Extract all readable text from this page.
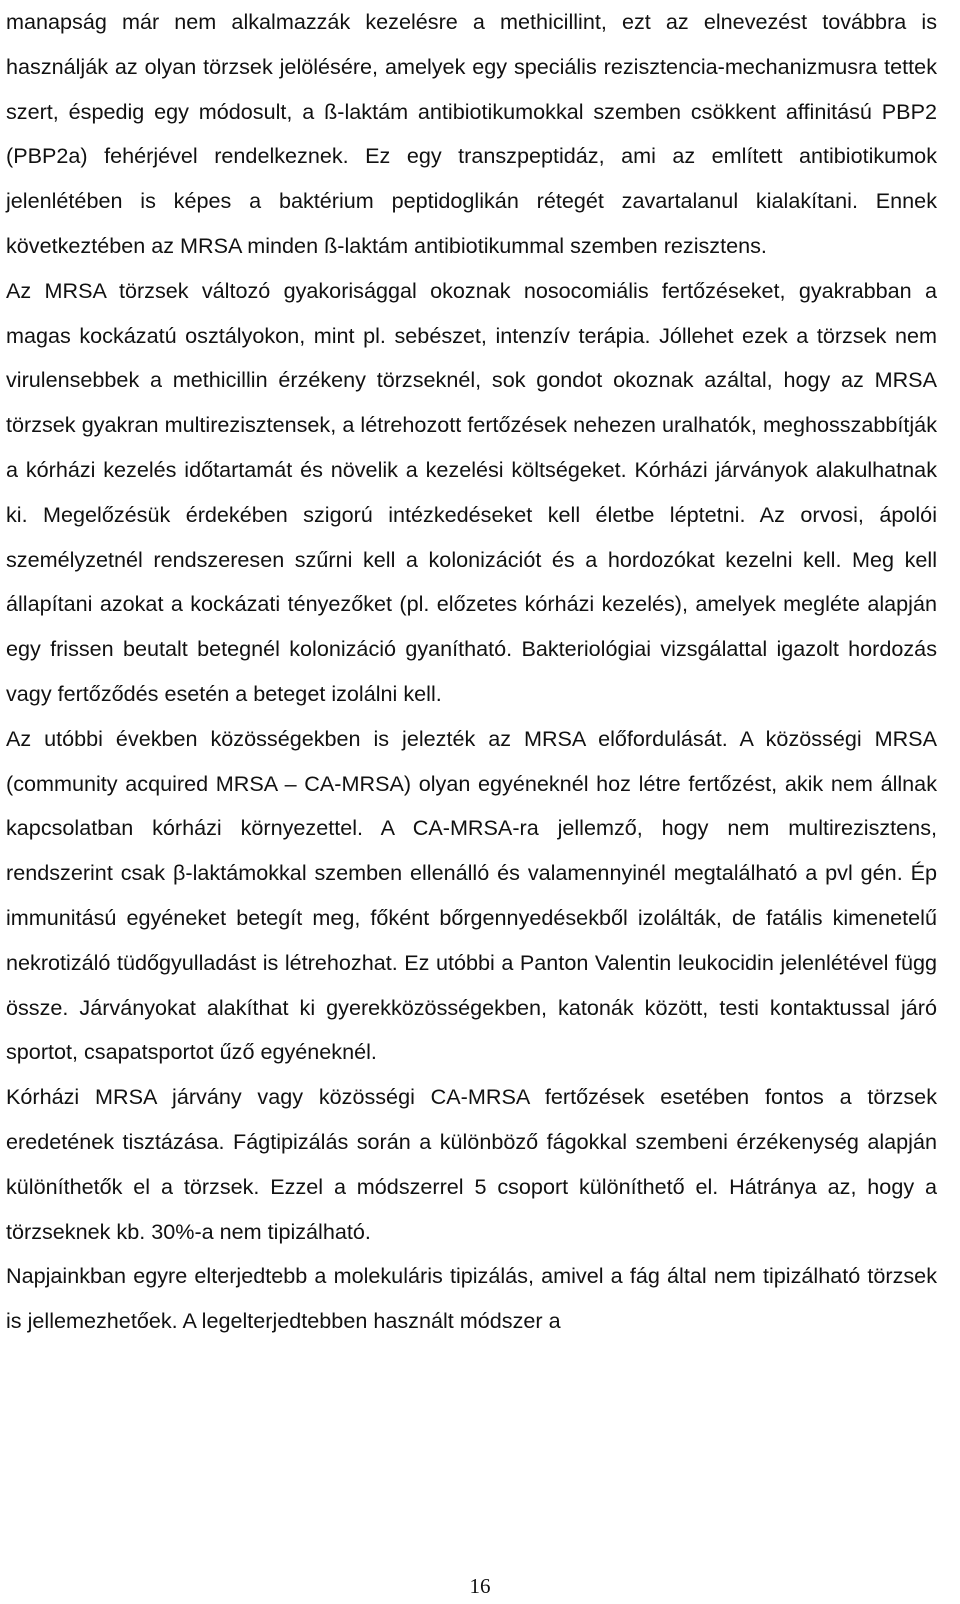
manapság már nem alkalmazzák kezelésre a methicillint, ezt az elnevezést továbbra is használják az olyan törzsek jelölésére, amelyek egy speciális rezisztencia-mechanizmusra tettek szert, éspedig egy módosult, a ß-laktám antibiotikumokkal szemben csökkent affinitású PBP2 (PBP2a) fehérjével rendelkeznek. Ez egy transzpeptidáz, ami az említett antibiotikumok jelenlétében is képes a baktérium peptidoglikán rétegét zavartalanul kialakítani. Ennek következtében az MRSA minden ß-laktám antibiotikummal szemben rezisztens.

Az MRSA törzsek változó gyakorisággal okoznak nosocomiális fertőzéseket, gyakrabban a magas kockázatú osztályokon, mint pl. sebészet, intenzív terápia. Jóllehet ezek a törzsek nem virulensebbek a methicillin érzékeny törzseknél, sok gondot okoznak azáltal, hogy az MRSA törzsek gyakran multirezisztensek, a létrehozott fertőzések nehezen uralhatók, meghosszabbítják a kórházi kezelés időtartamát és növelik a kezelési költségeket. Kórházi járványok alakulhatnak ki. Megelőzésük érdekében szigorú intézkedéseket kell életbe léptetni. Az orvosi, ápolói személyzetnél rendszeresen szűrni kell a kolonizációt és a hordozókat kezelni kell. Meg kell állapítani azokat a kockázati tényezőket (pl. előzetes kórházi kezelés), amelyek megléte alapján egy frissen beutalt betegnél kolonizáció gyanítható. Bakteriológiai vizsgálattal igazolt hordozás vagy fertőződés esetén a beteget izolálni kell.

Az utóbbi években közösségekben is jelezték az MRSA előfordulását. A közösségi MRSA (community acquired MRSA – CA-MRSA) olyan egyéneknél hoz létre fertőzést, akik nem állnak kapcsolatban kórházi környezettel. A CA-MRSA-ra jellemző, hogy nem multirezisztens, rendszerint csak β-laktámokkal szemben ellenálló és valamennyinél megtalálható a pvl gén. Ép immunitású egyéneket betegít meg, főként bőrgennyedésekből izolálták, de fatális kimenetelű nekrotizáló tüdőgyulladást is létrehozhat. Ez utóbbi a Panton Valentin leukocidin jelenlétével függ össze. Járványokat alakíthat ki gyerekközösségekben, katonák között, testi kontaktussal járó sportot, csapatsportot űző egyéneknél.

Kórházi MRSA járvány vagy közösségi CA-MRSA fertőzések esetében fontos a törzsek eredetének tisztázása. Fágtipizálás során a különböző fágokkal szembeni érzékenység alapján különíthetők el a törzsek. Ezzel a módszerrel 5 csoport különíthető el. Hátránya az, hogy a törzseknek kb. 30%-a nem tipizálható.

Napjainkban egyre elterjedtebb a molekuláris tipizálás, amivel a fág által nem tipizálható törzsek is jellemezhetőek. A legelterjedtebben használt módszer a

16
